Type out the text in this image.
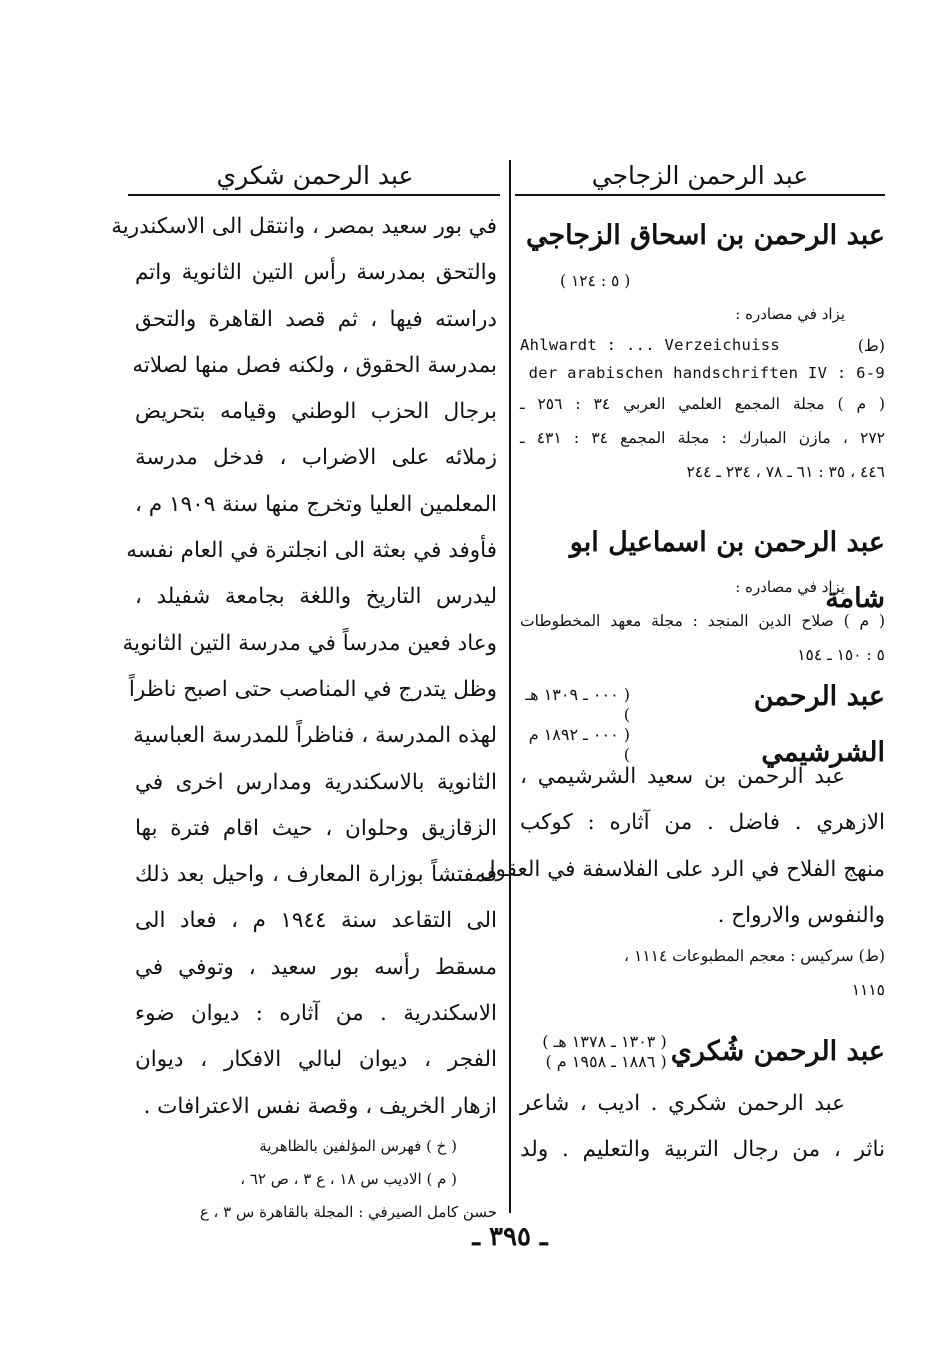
عبد الرحمن الزجاجي
عبد الرحمن شكري
عبد الرحمن بن اسحاق الزجاجي
( ٥ : ١٢٤ )
يزاد في مصادره :
(ط)
Ahlwardt : ... Verzeichuiss
der arabischen handschriften IV : 6-9
( م ) مجلة المجمع العلمي العربي ٣٤ : ٢٥٦ ـ
٢٧٢ ، مازن المبارك : مجلة المجمع ٣٤ : ٤٣١ ـ
٤٤٦ ، ٣٥ : ٦١ ـ ٧٨ ، ٢٣٤ ـ ٢٤٤
عبد الرحمن بن اسماعيل ابو شامة
يزاد في مصادره :
( م ) صلاح الدين المنجد : مجلة معهد المخطوطات
٥ : ١٥٠ ـ ١٥٤
عبد الرحمن الشرشيمي
( ٠٠٠ ـ ١٣٠٩ هـ )
( ٠٠٠ ـ ١٨٩٢ م )
عبد الرحمن بن سعيد الشرشيمي ،
الازهري . فاضل . من آثاره : كوكب
منهج الفلاح في الرد على الفلاسفة في العقول
والنفوس والارواح .
(ط) سركيس : معجم المطبوعات ١١١٤ ،
١١١٥
عبد الرحمن شُكري
( ١٣٠٣ ـ ١٣٧٨ هـ )
( ١٨٨٦ ـ ١٩٥٨ م )
عبد الرحمن شكري . اديب ، شاعر
ناثر ، من رجال التربية والتعليم . ولد
في بور سعيد بمصر ، وانتقل الى الاسكندرية
والتحق بمدرسة رأس التين الثانوية واتم
دراسته فيها ، ثم قصد القاهرة والتحق
بمدرسة الحقوق ، ولكنه فصل منها لصلاته
برجال الحزب الوطني وقيامه بتحريض
زملائه على الاضراب ، فدخل مدرسة
المعلمين العليا وتخرج منها سنة ١٩٠٩ م ،
فأوفد في بعثة الى انجلترة في العام نفسه
ليدرس التاريخ واللغة بجامعة شفيلد ،
وعاد فعين مدرساً في مدرسة التين الثانوية
وظل يتدرج في المناصب حتى اصبح ناظراً
لهذه المدرسة ، فناظراً للمدرسة العباسية
الثانوية بالاسكندرية ومدارس اخرى في
الزقازيق وحلوان ، حيث اقام فترة بها
فمفتشاً بوزارة المعارف ، واحيل بعد ذلك
الى التقاعد سنة ١٩٤٤ م ، فعاد الى
مسقط رأسه بور سعيد ، وتوفي في
الاسكندرية . من آثاره : ديوان ضوء
الفجر ، ديوان لبالي الافكار ، ديوان
ازهار الخريف ، وقصة نفس الاعترافات .
( خ ) فهرس المؤلفين بالظاهرية
( م ) الاديب س ١٨ ، ع ٣ ، ص ٦٢ ،
حسن كامل الصيرفي : المجلة بالقاهرة س ٣ ، ع
ـ ٣٩٥ ـ
